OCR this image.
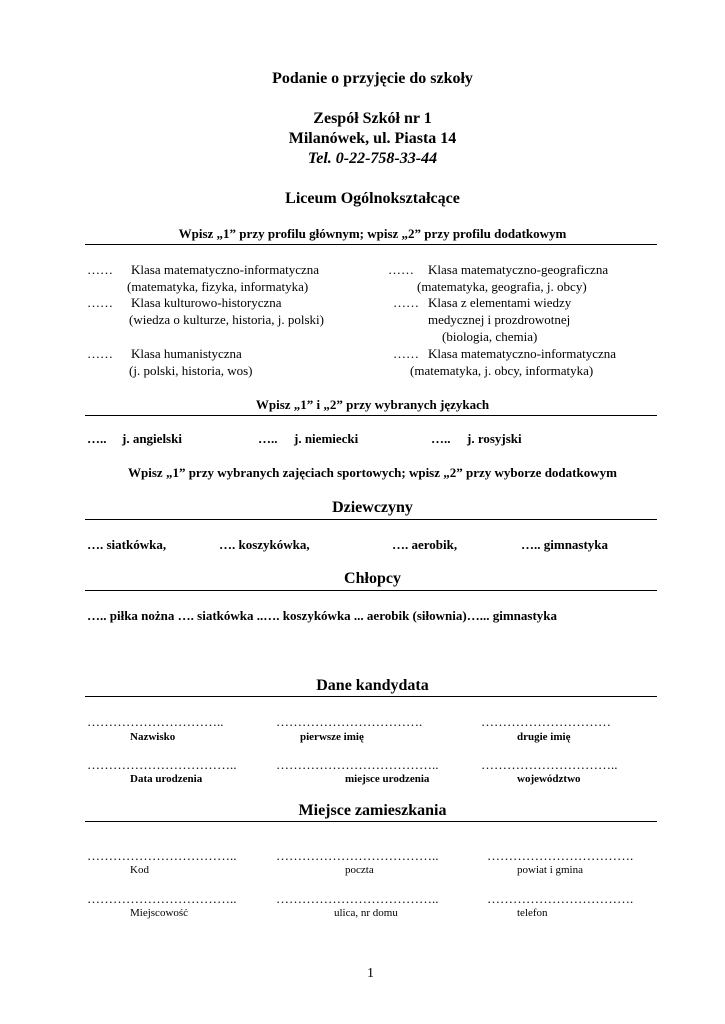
Podanie o przyjęcie do szkoły
Zespół Szkół nr 1
Milanówek, ul. Piasta 14
Tel. 0-22-758-33-44
Liceum Ogólnokształcące
Wpisz „1” przy profilu głównym; wpisz „2” przy profilu dodatkowym
…… Klasa matematyczno-informatyczna
(matematyka, fizyka, informatyka)
…… Klasa kulturowo-historyczna
(wiedza o kulturze, historia, j. polski)
…… Klasa humanistyczna
(j. polski, historia, wos)
…… Klasa matematyczno-geograficzna
(matematyka, geografia, j. obcy)
…… Klasa z elementami wiedzy
medycznej i prozdrowotnej
(biologia, chemia)
…… Klasa matematyczno-informatyczna
(matematyka, j. obcy, informatyka)
Wpisz „1” i „2” przy wybranych językach
….. j. angielski	….. j. niemiecki	….. j. rosyjski
Wpisz „1” przy wybranych zajęciach sportowych; wpisz „2” przy wyborze dodatkowym
Dziewczyny
…. siatkówka,	…. koszykówka,	…. aerobik,	….. gimnastyka
Chłopcy
….. piłka nożna …. siatkówka ..…. koszykówka ... aerobik (siłownia)…... gimnastyka
Dane kandydata
…………………………..	…………………………….	…………………………
Nazwisko	pierwsze imię	drugie imię
……………………………..	………………………………..	…………………………..
Data urodzenia	miejsce urodzenia	województwo
Miejsce zamieszkania
……………………………..	………………………………..	…………………………….
Kod	poczta	powiat i gmina
……………………………..	………………………………..	…………………………….
Miejscowość	ulica, nr domu	telefon
1
